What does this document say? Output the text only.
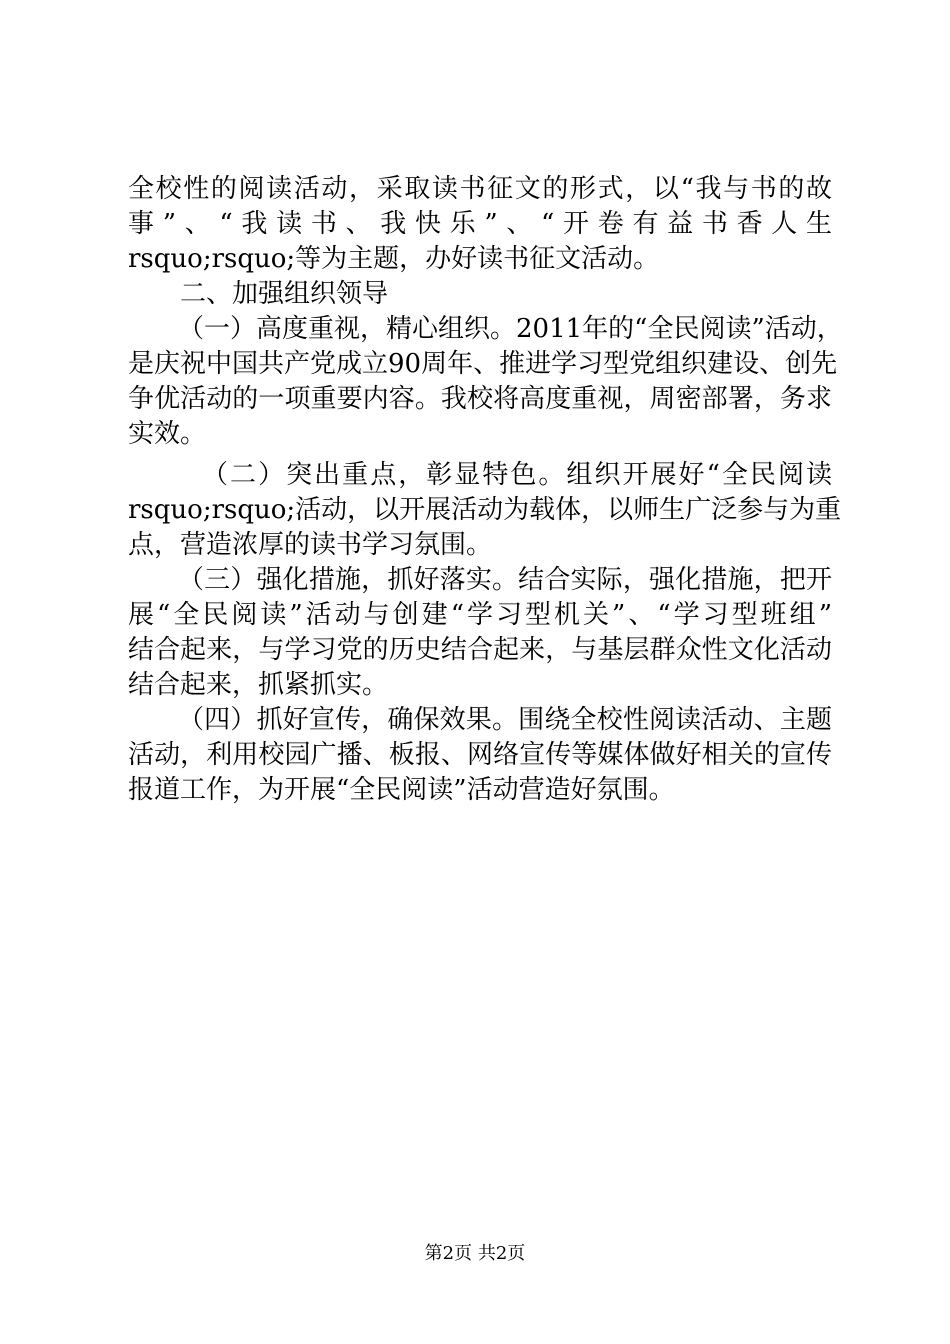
全校性的阅读活动，采取读书征文的形式，以“我与书的故
事”、“我读书、我快乐”、“开卷有益书香人生
rsquo;rsquo;等为主题，办好读书征文活动。
二、加强组织领导
（一）高度重视，精心组织。2011年的“全民阅读”活动，
是庆祝中国共产党成立90周年、推进学习型党组织建设、创先
争优活动的一项重要内容。我校将高度重视，周密部署，务求
实效。
（二）突出重点，彰显特色。组织开展好“全民阅读
rsquo;rsquo;活动，以开展活动为载体，以师生广泛参与为重
点，营造浓厚的读书学习氛围。
（三）强化措施，抓好落实。结合实际，强化措施，把开
展“全民阅读”活动与创建“学习型机关”、“学习型班组”
结合起来，与学习党的历史结合起来，与基层群众性文化活动
结合起来，抓紧抓实。
（四）抓好宣传，确保效果。围绕全校性阅读活动、主题
活动，利用校园广播、板报、网络宣传等媒体做好相关的宣传
报道工作，为开展“全民阅读”活动营造好氛围。
第2页 共2页
